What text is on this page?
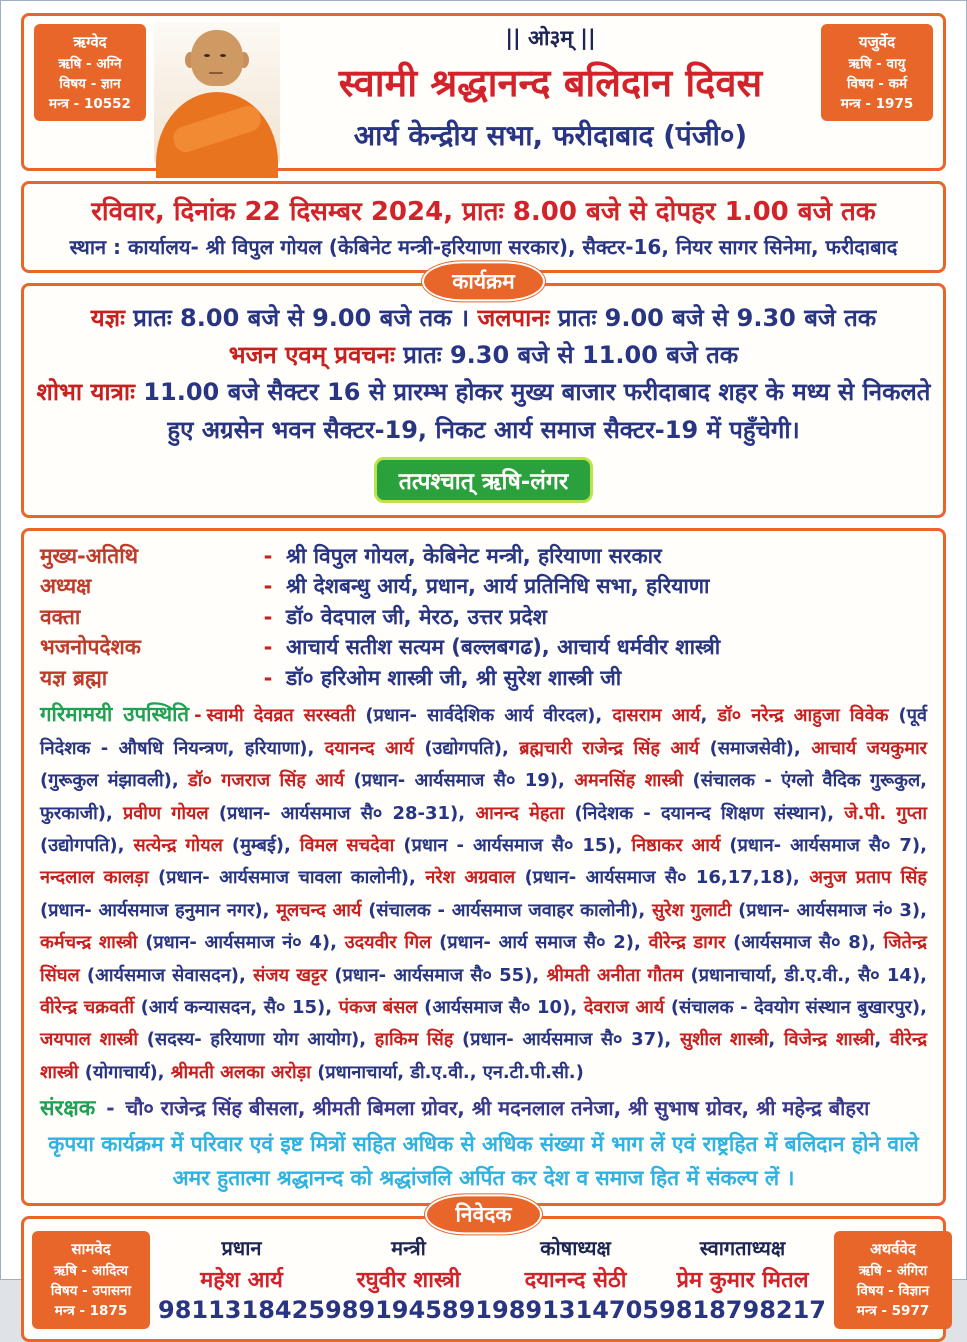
ऋग्वेद
ऋषि - अग्नि
विषय - ज्ञान
मन्त्र - 10552
|| ओ३म् ||
स्वामी श्रद्धानन्द बलिदान दिवस
आर्य केन्द्रीय सभा, फरीदाबाद (पंजी०)
यजुर्वेद
ऋषि - वायु
विषय - कर्म
मन्त्र - 1975
रविवार, दिनांक 22 दिसम्बर 2024, प्रातः 8.00 बजे से दोपहर 1.00 बजे तक
स्थान : कार्यालय- श्री विपुल गोयल (केबिनेट मन्त्री-हरियाणा सरकार), सैक्टर-16, नियर सागर सिनेमा, फरीदाबाद
कार्यक्रम

यज्ञः प्रातः 8.00 बजे से 9.00 बजे तक । जलपानः प्रातः 9.00 बजे से 9.30 बजे तक

भजन एवम् प्रवचनः प्रातः 9.30 बजे से 11.00 बजे तक

शोभा यात्राः 11.00 बजे सैक्टर 16 से प्रारम्भ होकर मुख्य बाजार फरीदाबाद शहर के मध्य से निकलते हुए अग्रसेन भवन सैक्टर-19, निकट आर्य समाज सैक्टर-19 में पहुँचेगी।

तत्पश्चात् ऋषि-लंगर
मुख्य-अतिथि	- श्री विपुल गोयल, केबिनेट मन्त्री, हरियाणा सरकार
अध्यक्ष	- श्री देशबन्धु आर्य, प्रधान, आर्य प्रतिनिधि सभा, हरियाणा
वक्ता	- डॉ० वेदपाल जी, मेरठ, उत्तर प्रदेश
भजनोपदेशक	- आचार्य सतीश सत्यम (बल्लबगढ), आचार्य धर्मवीर शास्त्री
यज्ञ ब्रह्मा	- डॉ० हरिओम शास्त्री जी, श्री सुरेश शास्त्री जी

गरिमामयी उपस्थिति - स्वामी देवव्रत सरस्वती (प्रधान- सार्वदेशिक आर्य वीरदल), दासराम आर्य, डॉ० नरेन्द्र आहुजा विवेक (पूर्व निदेशक - औषधि नियन्त्रण, हरियाणा), दयानन्द आर्य (उद्योगपति), ब्रह्मचारी राजेन्द्र सिंह आर्य (समाजसेवी), आचार्य जयकुमार (गुरूकुल मंझावली), डॉ० गजराज सिंह आर्य (प्रधान- आर्यसमाज सै० 19), अमनसिंह शास्त्री (संचालक - एंग्लो वैदिक गुरूकुल, फुरकाजी), प्रवीण गोयल (प्रधान- आर्यसमाज सै० 28-31), आनन्द मेहता (निदेशक - दयानन्द शिक्षण संस्थान), जे.पी. गुप्ता (उद्योगपति), सत्येन्द्र गोयल (मुम्बई), विमल सचदेवा (प्रधान - आर्यसमाज सै० 15), निष्ठाकर आर्य (प्रधान- आर्यसमाज सै० 7), नन्दलाल कालड़ा (प्रधान- आर्यसमाज चावला कालोनी), नरेश अग्रवाल (प्रधान- आर्यसमाज सै० 16,17,18), अनुज प्रताप सिंह (प्रधान- आर्यसमाज हनुमान नगर), मूलचन्द आर्य (संचालक - आर्यसमाज जवाहर कालोनी), सुरेश गुलाटी (प्रधान- आर्यसमाज नं० 3), कर्मचन्द्र शास्त्री (प्रधान- आर्यसमाज नं० 4), उदयवीर गिल (प्रधान- आर्य समाज सै० 2), वीरेन्द्र डागर (आर्यसमाज सै० 8), जितेन्द्र सिंघल (आर्यसमाज सेवासदन), संजय खट्टर (प्रधान- आर्यसमाज सै० 55), श्रीमती अनीता गौतम (प्रधानाचार्या, डी.ए.वी., सै० 14), वीरेन्द्र चक्रवर्ती (आर्य कन्यासदन, सै० 15), पंकज बंसल (आर्यसमाज सै० 10), देवराज आर्य (संचालक - देवयोग संस्थान बुखारपुर), जयपाल शास्त्री (सदस्य- हरियाणा योग आयोग), हाकिम सिंह (प्रधान- आर्यसमाज सै० 37), सुशील शास्त्री, विजेन्द्र शास्त्री, वीरेन्द्र शास्त्री (योगाचार्य), श्रीमती अलका अरोड़ा (प्रधानाचार्या, डी.ए.वी., एन.टी.पी.सी.)

संरक्षक - चौ० राजेन्द्र सिंह बीसला, श्रीमती बिमला ग्रोवर, श्री मदनलाल तनेजा, श्री सुभाष ग्रोवर, श्री महेन्द्र बौहरा

कृपया कार्यक्रम में परिवार एवं इष्ट मित्रों सहित अधिक से अधिक संख्या में भाग लें एवं राष्ट्रहित में बलिदान होने वाले अमर हुतात्मा श्रद्धानन्द को श्रद्धांजलि अर्पित कर देश व समाज हित में संकल्प लें ।

निवेदक
सामवेद
ऋषि - आदित्य
विषय - उपासना
मन्त्र - 1875
प्रधान
महेश आर्य
9811318425
मन्त्री
रघुवीर शास्त्री
9891945891
कोषाध्यक्ष
दयानन्द सेठी
9891314705
स्वागताध्यक्ष
प्रेम कुमार मितल
9818798217
अथर्ववेद
ऋषि - अंगिरा
विषय - विज्ञान
मन्त्र - 5977
